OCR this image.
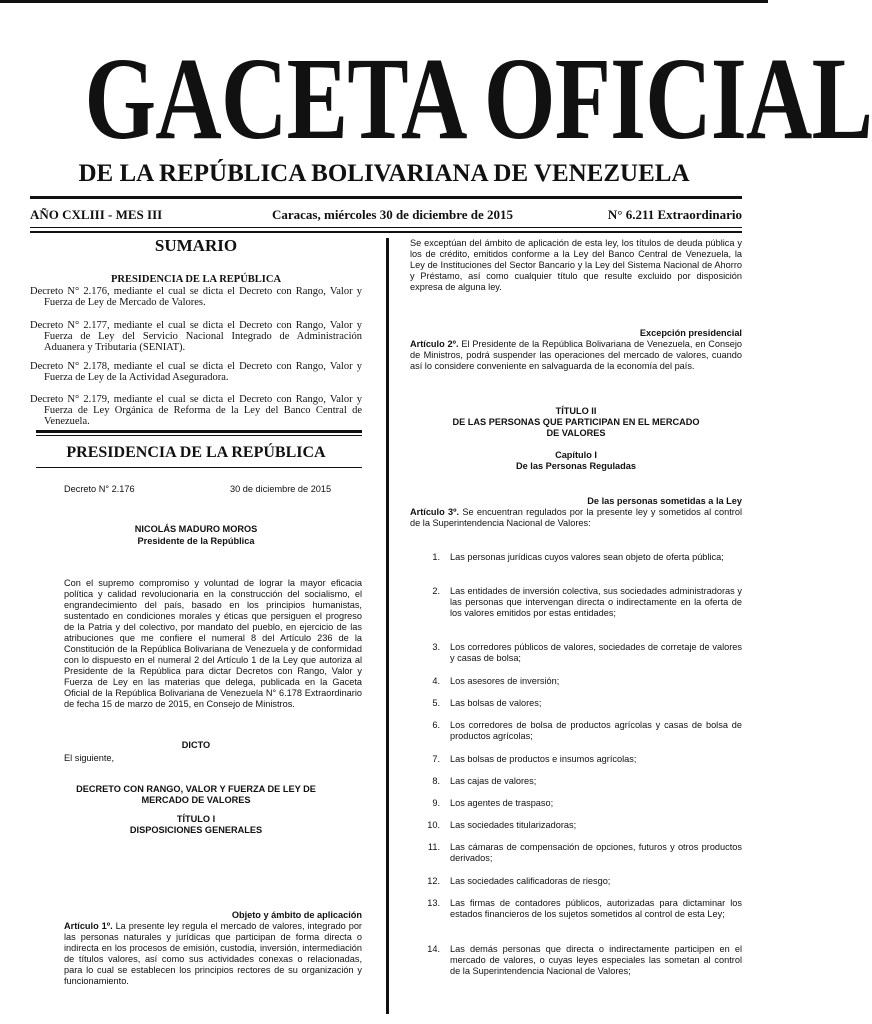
GACETA OFICIAL
DE LA REPÚBLICA BOLIVARIANA DE VENEZUELA
AÑO CXLIII - MES III	Caracas, miércoles 30 de diciembre de 2015	N° 6.211 Extraordinario
SUMARIO
PRESIDENCIA DE LA REPÚBLICA
Decreto N° 2.176, mediante el cual se dicta el Decreto con Rango, Valor y Fuerza de Ley de Mercado de Valores.
Decreto N° 2.177, mediante el cual se dicta el Decreto con Rango, Valor y Fuerza de Ley del Servicio Nacional Integrado de Administración Aduanera y Tributaria (SENIAT).
Decreto N° 2.178, mediante el cual se dicta el Decreto con Rango, Valor y Fuerza de Ley de la Actividad Aseguradora.
Decreto N° 2.179, mediante el cual se dicta el Decreto con Rango, Valor y Fuerza de Ley Orgánica de Reforma de la Ley del Banco Central de Venezuela.
PRESIDENCIA DE LA REPÚBLICA
Decreto N° 2.176	30 de diciembre de 2015
NICOLÁS MADURO MOROS
Presidente de la República
Con el supremo compromiso y voluntad de lograr la mayor eficacia política y calidad revolucionaria en la construcción del socialismo, el engrandecimiento del país, basado en los principios humanistas, sustentado en condiciones morales y éticas que persiguen el progreso de la Patria y del colectivo, por mandato del pueblo, en ejercicio de las atribuciones que me confiere el numeral 8 del Artículo 236 de la Constitución de la República Bolivariana de Venezuela y de conformidad con lo dispuesto en el numeral 2 del Artículo 1 de la Ley que autoriza al Presidente de la República para dictar Decretos con Rango, Valor y Fuerza de Ley en las materias que delega, publicada en la Gaceta Oficial de la República Bolivariana de Venezuela N° 6.178 Extraordinario de fecha 15 de marzo de 2015, en Consejo de Ministros.
DICTO
El siguiente,
DECRETO CON RANGO, VALOR Y FUERZA DE LEY DE
MERCADO DE VALORES
TÍTULO I
DISPOSICIONES GENERALES
Objeto y ámbito de aplicación
Artículo 1º. La presente ley regula el mercado de valores, integrado por las personas naturales y jurídicas que participan de forma directa o indirecta en los procesos de emisión, custodia, inversión, intermediación de títulos valores, así como sus actividades conexas o relacionadas, para lo cual se establecen los principios rectores de su organización y funcionamiento.
Se exceptúan del ámbito de aplicación de esta ley, los títulos de deuda pública y los de crédito, emitidos conforme a la Ley del Banco Central de Venezuela, la Ley de Instituciones del Sector Bancario y la Ley del Sistema Nacional de Ahorro y Préstamo, así como cualquier título que resulte excluido por disposición expresa de alguna ley.
Excepción presidencial
Artículo 2º. El Presidente de la República Bolivariana de Venezuela, en Consejo de Ministros, podrá suspender las operaciones del mercado de valores, cuando así lo considere conveniente en salvaguarda de la economía del país.
TÍTULO II
DE LAS PERSONAS QUE PARTICIPAN EN EL MERCADO
DE VALORES
Capítulo I
De las Personas Reguladas
De las personas sometidas a la Ley
Artículo 3º. Se encuentran regulados por la presente ley y sometidos al control de la Superintendencia Nacional de Valores:
1. Las personas jurídicas cuyos valores sean objeto de oferta pública;
2. Las entidades de inversión colectiva, sus sociedades administradoras y las personas que intervengan directa o indirectamente en la oferta de los valores emitidos por estas entidades;
3. Los corredores públicos de valores, sociedades de corretaje de valores y casas de bolsa;
4. Los asesores de inversión;
5. Las bolsas de valores;
6. Los corredores de bolsa de productos agrícolas y casas de bolsa de productos agrícolas;
7. Las bolsas de productos e insumos agrícolas;
8. Las cajas de valores;
9. Los agentes de traspaso;
10. Las sociedades titularizadoras;
11. Las cámaras de compensación de opciones, futuros y otros productos derivados;
12. Las sociedades calificadoras de riesgo;
13. Las firmas de contadores públicos, autorizadas para dictaminar los estados financieros de los sujetos sometidos al control de esta Ley;
14. Las demás personas que directa o indirectamente participen en el mercado de valores, o cuyas leyes especiales las sometan al control de la Superintendencia Nacional de Valores;
